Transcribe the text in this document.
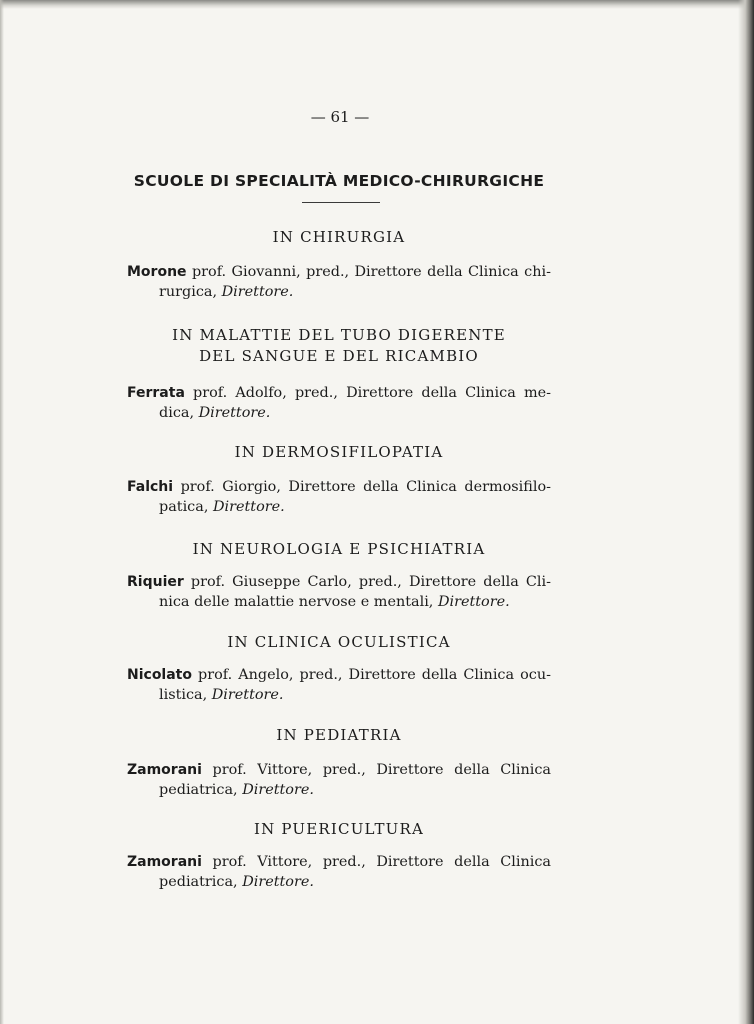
— 61 —
SCUOLE DI SPECIALITÀ MEDICO-CHIRURGICHE
IN CHIRURGIA
Morone prof. Giovanni, pred., Direttore della Clinica chirurgica, Direttore.
IN MALATTIE DEL TUBO DIGERENTE
DEL SANGUE E DEL RICAMBIO
Ferrata prof. Adolfo, pred., Direttore della Clinica medica, Direttore.
IN DERMOSIFILOPATIA
Falchi prof. Giorgio, Direttore della Clinica dermosifilopatica, Direttore.
IN NEUROLOGIA E PSICHIATRIA
Riquier prof. Giuseppe Carlo, pred., Direttore della Clinica delle malattie nervose e mentali, Direttore.
IN CLINICA OCULISTICA
Nicolato prof. Angelo, pred., Direttore della Clinica oculistica, Direttore.
IN PEDIATRIA
Zamorani prof. Vittore, pred., Direttore della Clinica pediatrica, Direttore.
IN PUERICULTURA
Zamorani prof. Vittore, pred., Direttore della Clinica pediatrica, Direttore.
